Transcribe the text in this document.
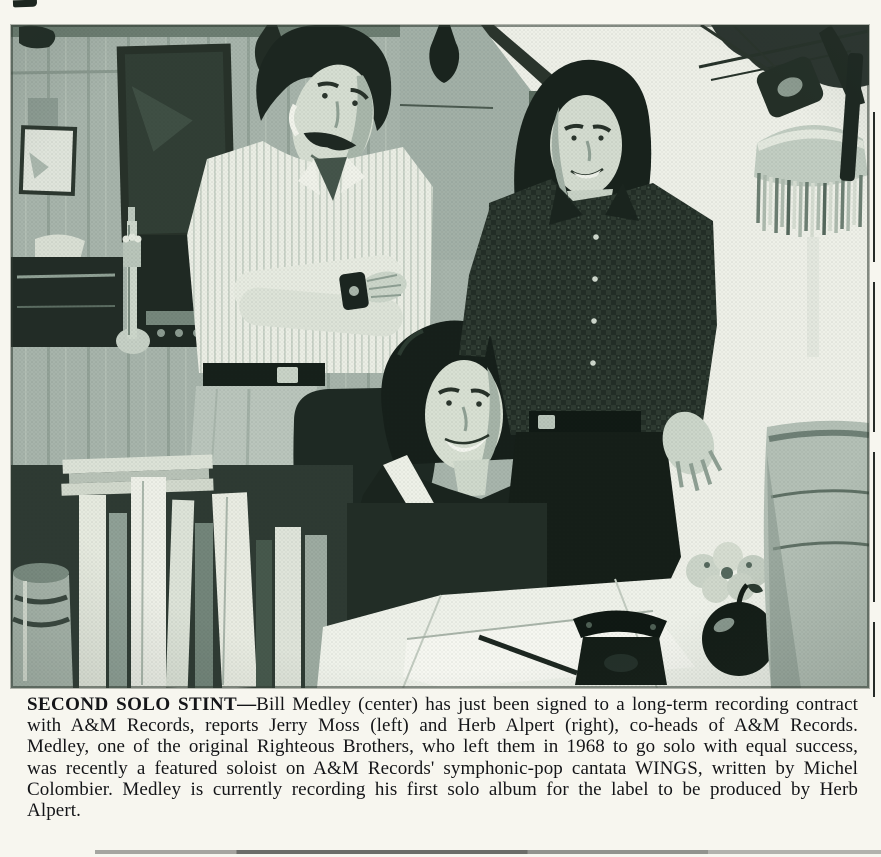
SECOND SOLO STINT—Bill Medley (center) has just been signed to a long-term recording contract with A&M Records, reports Jerry Moss (left) and Herb Alpert (right), co-heads of A&M Records. Medley, one of the original Righteous Brothers, who left them in 1968 to go solo with equal success, was recently a featured soloist on A&M Records' symphonic-pop cantata WINGS, written by Michel Colombier. Medley is currently recording his first solo album for the label to be produced by Herb Alpert.
